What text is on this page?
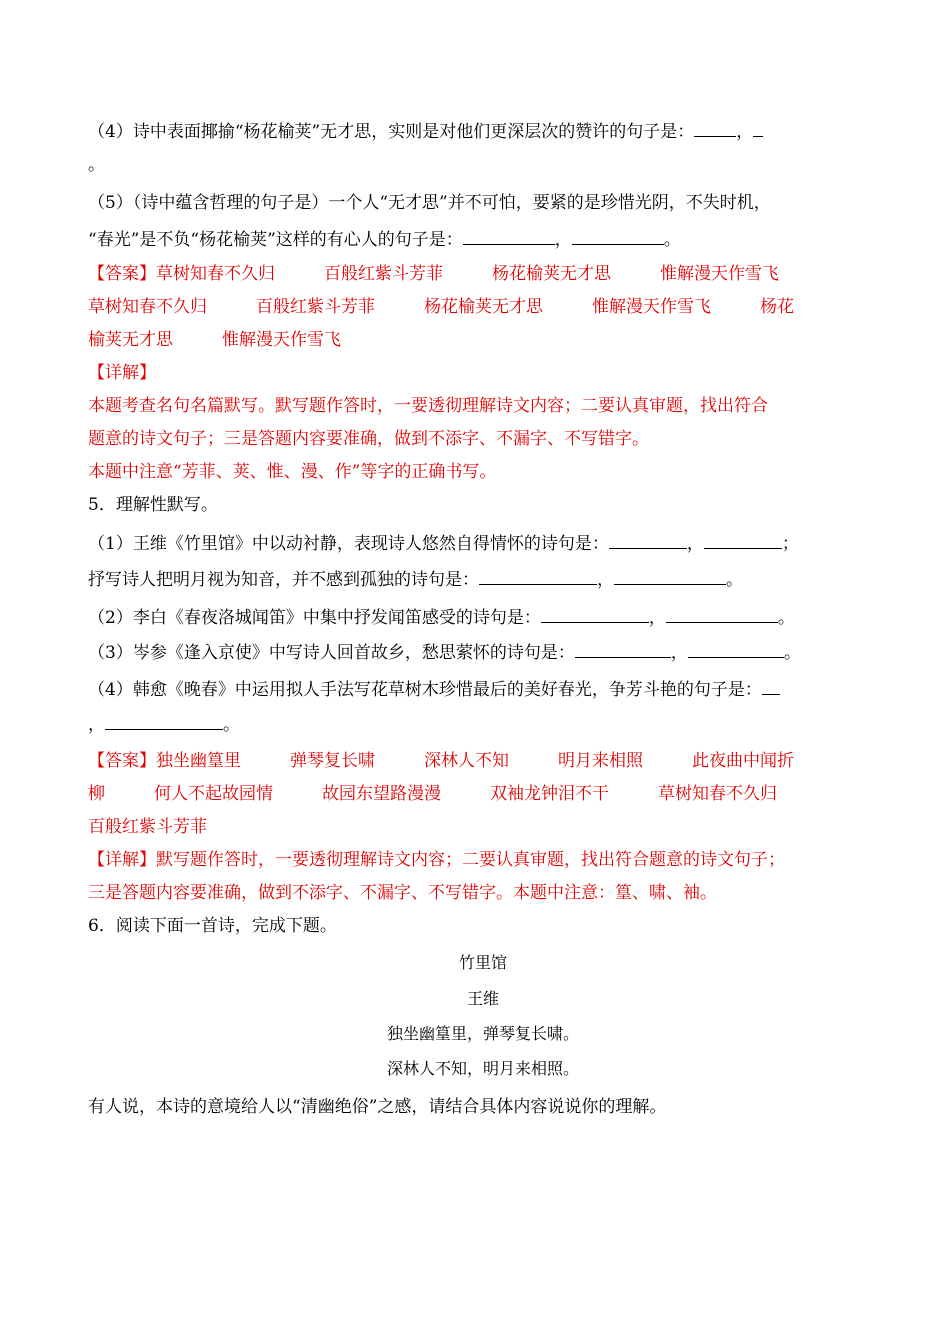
（4）诗中表面揶揄“杨花榆荚”无才思，实则是对他们更深层次的赞许的句子是： ，
。
（5）（诗中蕴含哲理的句子是）一个人“无才思”并不可怕，要紧的是珍惜光阴，不失时机，
“春光”是不负“杨花榆荚”这样的有心人的句子是：	，	。
【答案】草树知春不久归	百般红紫斗芳菲	杨花榆荚无才思	惟解漫天作雪飞
草树知春不久归	百般红紫斗芳菲	杨花榆荚无才思	惟解漫天作雪飞	杨花
榆荚无才思	惟解漫天作雪飞
【详解】
本题考查名句名篇默写。默写题作答时，一要透彻理解诗文内容；二要认真审题，找出符合
题意的诗文句子；三是答题内容要准确，做到不添字、不漏字、不写错字。
本题中注意“芳菲、荚、惟、漫、作”等字的正确书写。
5．理解性默写。
（1）王维《竹里馆》中以动衬静，表现诗人悠然自得情怀的诗句是：	，	；
抒写诗人把明月视为知音，并不感到孤独的诗句是：	，	。
（2）李白《春夜洛城闻笛》中集中抒发闻笛感受的诗句是：	，	。
（3）岑参《逢入京使》中写诗人回首故乡，愁思萦怀的诗句是：	，	。
（4）韩愈《晚春》中运用拟人手法写花草树木珍惜最后的美好春光，争芳斗艳的句子是：
，	。
【答案】独坐幽篁里	弹琴复长啸	深林人不知	明月来相照	此夜曲中闻折
柳	何人不起故园情	故园东望路漫漫	双袖龙钟泪不干	草树知春不久归
百般红紫斗芳菲
【详解】默写题作答时，一要透彻理解诗文内容；二要认真审题，找出符合题意的诗文句子；
三是答题内容要准确，做到不添字、不漏字、不写错字。本题中注意：篁、啸、袖。
6．阅读下面一首诗，完成下题。
竹里馆
王维
独坐幽篁里，弹琴复长啸。
深林人不知，明月来相照。
有人说，本诗的意境给人以“清幽绝俗”之感，请结合具体内容说说你的理解。
